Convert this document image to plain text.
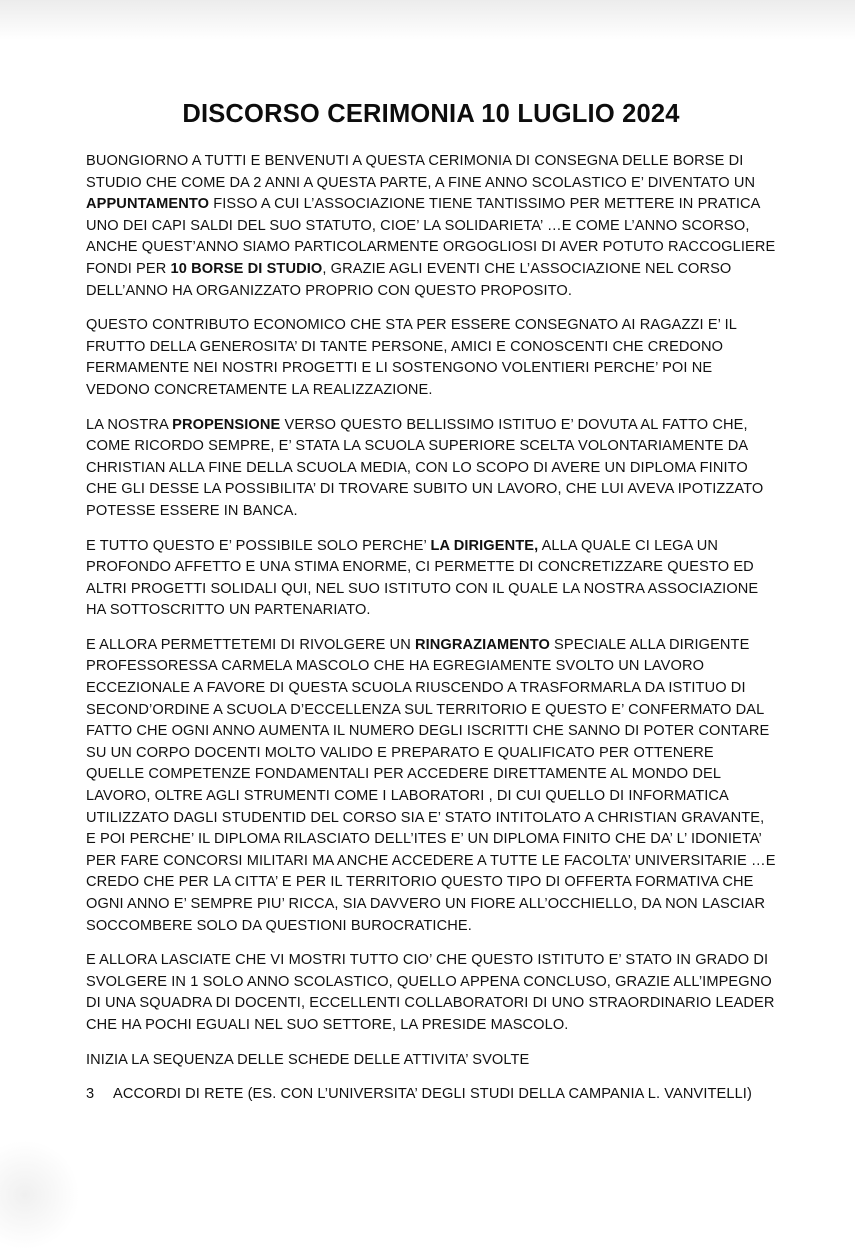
DISCORSO CERIMONIA 10 LUGLIO 2024

BUONGIORNO A TUTTI E BENVENUTI A QUESTA CERIMONIA DI CONSEGNA DELLE BORSE DI STUDIO CHE COME DA 2 ANNI A QUESTA PARTE, A FINE ANNO SCOLASTICO E’ DIVENTATO UN APPUNTAMENTO FISSO A CUI L’ASSOCIAZIONE TIENE TANTISSIMO PER METTERE IN PRATICA UNO DEI CAPI SALDI DEL SUO STATUTO, CIOE’ LA SOLIDARIETA’ …E COME L’ANNO SCORSO, ANCHE QUEST’ANNO SIAMO PARTICOLARMENTE ORGOGLIOSI DI AVER POTUTO RACCOGLIERE FONDI PER 10 BORSE DI STUDIO, GRAZIE AGLI EVENTI CHE L’ASSOCIAZIONE NEL CORSO DELL’ANNO HA ORGANIZZATO PROPRIO CON QUESTO PROPOSITO.

QUESTO CONTRIBUTO ECONOMICO CHE STA PER ESSERE CONSEGNATO AI RAGAZZI E’ IL FRUTTO DELLA GENEROSITA’ DI TANTE PERSONE, AMICI E CONOSCENTI CHE CREDONO FERMAMENTE NEI NOSTRI PROGETTI E LI SOSTENGONO VOLENTIERI PERCHE’ POI NE VEDONO CONCRETAMENTE LA REALIZZAZIONE.

LA NOSTRA PROPENSIONE VERSO QUESTO BELLISSIMO ISTITUO E’ DOVUTA AL FATTO CHE, COME RICORDO SEMPRE, E’ STATA LA SCUOLA SUPERIORE SCELTA VOLONTARIAMENTE DA CHRISTIAN ALLA FINE DELLA SCUOLA MEDIA, CON LO SCOPO DI AVERE UN DIPLOMA FINITO CHE GLI DESSE LA POSSIBILITA’ DI TROVARE SUBITO UN LAVORO, CHE LUI AVEVA IPOTIZZATO POTESSE ESSERE IN BANCA.

E TUTTO QUESTO E’ POSSIBILE SOLO PERCHE’ LA DIRIGENTE, ALLA QUALE CI LEGA UN PROFONDO AFFETTO E UNA STIMA ENORME, CI PERMETTE DI CONCRETIZZARE QUESTO ED ALTRI PROGETTI SOLIDALI QUI, NEL SUO ISTITUTO CON IL QUALE LA NOSTRA ASSOCIAZIONE HA SOTTOSCRITTO UN PARTENARIATO.

E ALLORA PERMETTETEMI DI RIVOLGERE UN RINGRAZIAMENTO SPECIALE ALLA DIRIGENTE PROFESSORESSA CARMELA MASCOLO CHE HA EGREGIAMENTE SVOLTO UN LAVORO ECCEZIONALE A FAVORE DI QUESTA SCUOLA RIUSCENDO A TRASFORMARLA DA ISTITUO DI SECOND’ORDINE A SCUOLA D’ECCELLENZA SUL TERRITORIO E QUESTO E’ CONFERMATO DAL FATTO CHE OGNI ANNO AUMENTA IL NUMERO DEGLI ISCRITTI CHE SANNO DI POTER CONTARE SU UN CORPO DOCENTI MOLTO VALIDO E PREPARATO E QUALIFICATO PER OTTENERE QUELLE COMPETENZE FONDAMENTALI PER ACCEDERE DIRETTAMENTE AL MONDO DEL LAVORO, OLTRE AGLI STRUMENTI COME I LABORATORI , DI CUI QUELLO DI INFORMATICA UTILIZZATO DAGLI STUDENTID DEL CORSO SIA E’ STATO INTITOLATO A CHRISTIAN GRAVANTE, E POI PERCHE’ IL DIPLOMA RILASCIATO DELL’ITES E’ UN DIPLOMA FINITO CHE DA’ L’ IDONIETA’ PER FARE CONCORSI MILITARI MA ANCHE ACCEDERE A TUTTE LE FACOLTA’ UNIVERSITARIE …E CREDO CHE PER LA CITTA’ E PER IL TERRITORIO QUESTO TIPO DI OFFERTA FORMATIVA CHE OGNI ANNO E’ SEMPRE PIU’ RICCA, SIA DAVVERO UN FIORE ALL’OCCHIELLO, DA NON LASCIAR SOCCOMBERE SOLO DA QUESTIONI BUROCRATICHE.

E ALLORA LASCIATE CHE VI MOSTRI TUTTO CIO’ CHE QUESTO ISTITUTO E’ STATO IN GRADO DI SVOLGERE IN 1 SOLO ANNO SCOLASTICO, QUELLO APPENA CONCLUSO, GRAZIE ALL’IMPEGNO DI UNA SQUADRA DI DOCENTI, ECCELLENTI COLLABORATORI DI UNO STRAORDINARIO LEADER CHE HA POCHI EGUALI NEL SUO SETTORE, LA PRESIDE MASCOLO.

INIZIA LA SEQUENZA DELLE SCHEDE DELLE ATTIVITA’ SVOLTE

3	ACCORDI DI RETE (ES. CON L’UNIVERSITA’ DEGLI STUDI DELLA CAMPANIA L. VANVITELLI)
